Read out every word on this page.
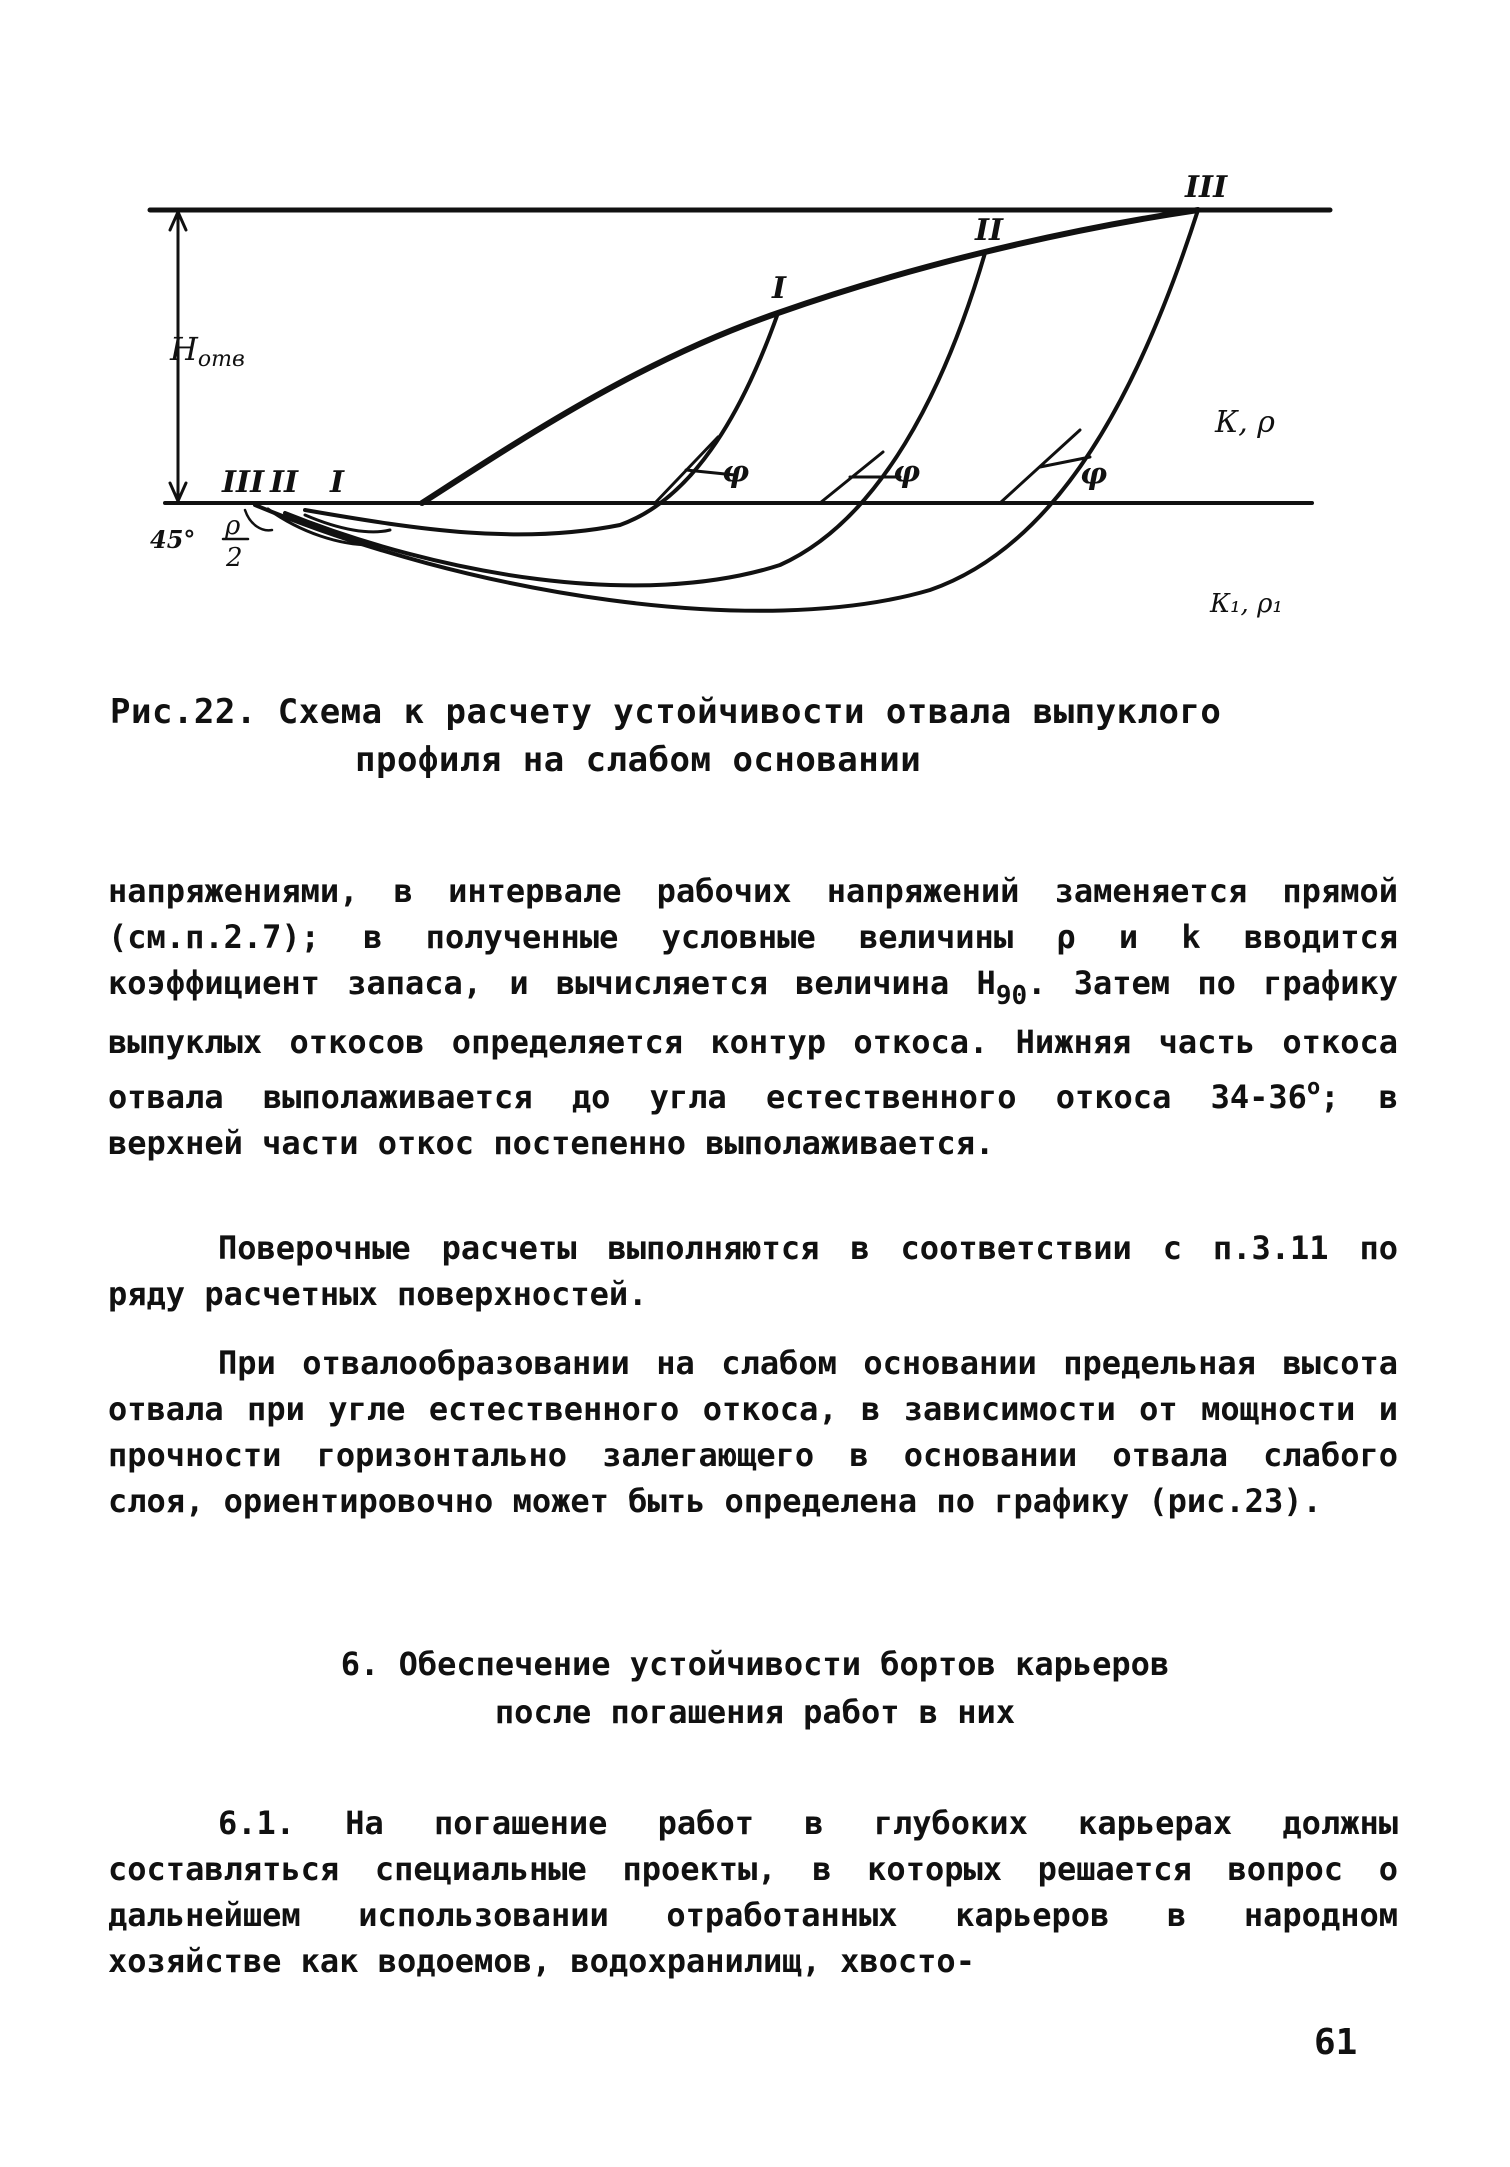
Hотв
I
II
III
III II I
45° ρ
2
φ	φ	φ
К, ρ
К₁, ρ₁
Рис.22. Схема к расчету устойчивости отвала выпуклого
профиля на слабом основании

напряжениями, в интервале рабочих напряжений заменяется прямой (см.п.2.7); в полученные условные величины ρ и k вводится коэффициент запаса, и вычисляется величина $H_{90}$. Затем по графику выпуклых откосов определяется контур откоса. Нижняя часть откоса отвала выполаживается до угла естественного откоса $34-36^о$; в верхней части откос постепенно выполаживается.

Поверочные расчеты выполняются в соответствии с п.3.11 по ряду расчетных поверхностей.

При отвалообразовании на слабом основании предельная высота отвала при угле естественного откоса, в зависимости от мощности и прочности горизонтально залегающего в основании отвала слабого слоя, ориентировочно может быть определена по графику (рис.23).

6. Обеспечение устойчивости бортов карьеров
после погашения работ в них

6.1. На погашение работ в глубоких карьерах должны составляться специальные проекты, в которых решается вопрос о дальнейшем использовании отработанных карьеров в народном хозяйстве как водоемов, водохранилищ, хвосто-

61
